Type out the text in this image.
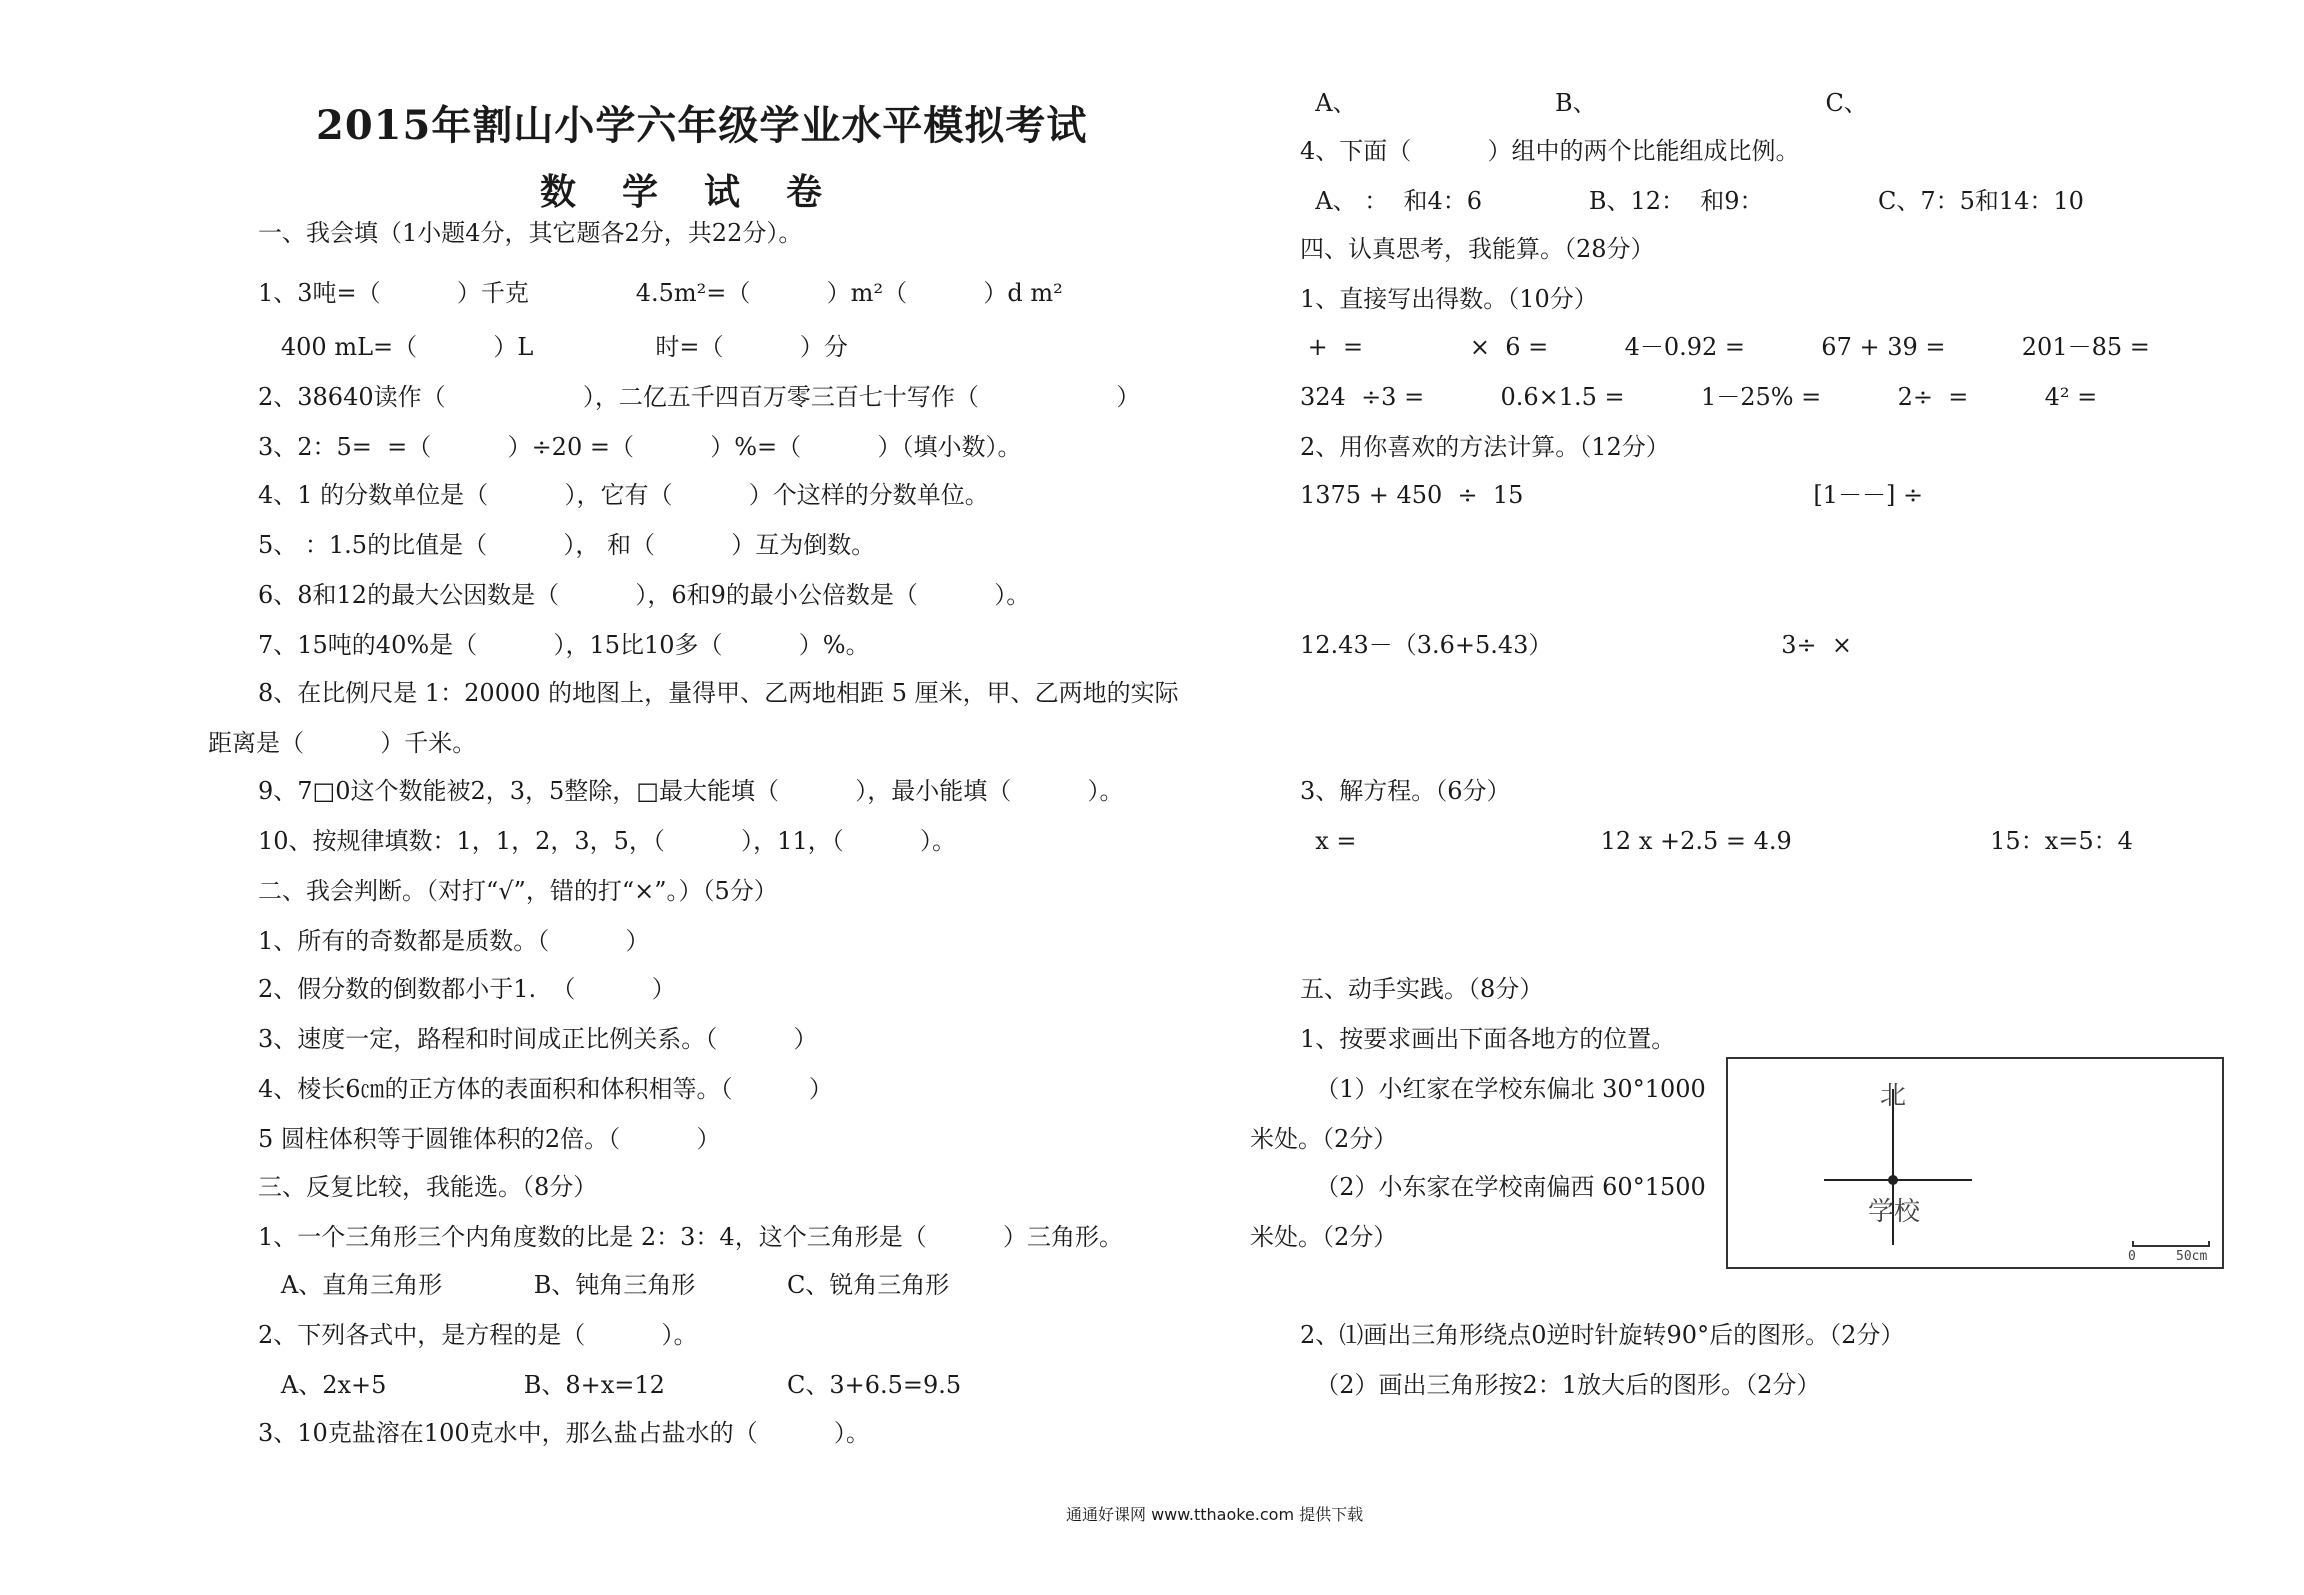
2015年割山小学六年级学业水平模拟考试
数学试卷
一、我会填（1小题4分，其它题各2分，共22分）。
1、3吨=（          ）千克              4.5m²=（          ）m²（          ）d m²
400 mL=（          ）L                时=（          ）分
2、38640读作（                  ），二亿五千四百万零三百七十写作（                  ）
3、2：5=  =（          ）÷20 =（          ）%=（          ）（填小数）。
4、1 的分数单位是（          ），它有（          ）个这样的分数单位。
5、 ：1.5的比值是（          ）， 和（          ）互为倒数。
6、8和12的最大公因数是（          ），6和9的最小公倍数是（          ）。
7、15吨的40%是（          ），15比10多（          ）%。
8、在比例尺是 1：20000 的地图上，量得甲、乙两地相距 5 厘米，甲、乙两地的实际
距离是（          ）千米。
9、7□0这个数能被2，3，5整除，□最大能填（          ），最小能填（          ）。
10、按规律填数：1，1，2，3，5，（          ），11，（          ）。
二、我会判断。（对打“√”，错的打“×”。）（5分）
1、所有的奇数都是质数。（          ）
2、假分数的倒数都小于1.  （          ）
3、速度一定，路程和时间成正比例关系。（          ）
4、棱长6㎝的正方体的表面积和体积相等。（          ）
5 圆柱体积等于圆锥体积的2倍。（          ）
三、反复比较，我能选。（8分）
1、一个三角形三个内角度数的比是 2：3：4，这个三角形是（          ）三角形。
A、直角三角形            B、钝角三角形            C、锐角三角形
2、下列各式中，是方程的是（          ）。
A、2x+5                  B、8+x=12                C、3+6.5=9.5
3、10克盐溶在100克水中，那么盐占盐水的（          ）。
A、                          B、                              C、
4、下面（          ）组中的两个比能组成比例。
A、 ：  和4：6              B、12：  和9：               C、7：5和14：10
四、认真思考，我能算。（28分）
1、直接写出得数。（10分）
+  =              ×  6 =          4－0.92 =          67 + 39 =          201－85 =
324  ÷3 =          0.6×1.5 =          1－25% =          2÷  =          4² =
2、用你喜欢的方法计算。（12分）
1375 + 450  ÷  15                                      [1－－] ÷
12.43－（3.6+5.43）                              3÷  ×
3、解方程。（6分）
x =                                12 x +2.5 = 4.9                          15：x=5：4
五、动手实践。（8分）
1、按要求画出下面各地方的位置。
（1）小红家在学校东偏北 30°1000
米处。（2分）
（2）小东家在学校南偏西 60°1500
米处。（2分）
2、⑴画出三角形绕点0逆时针旋转90°后的图形。（2分）
（2）画出三角形按2：1放大后的图形。（2分）
北
学校
0	50cm
通通好课网 www.tthaoke.com 提供下载
